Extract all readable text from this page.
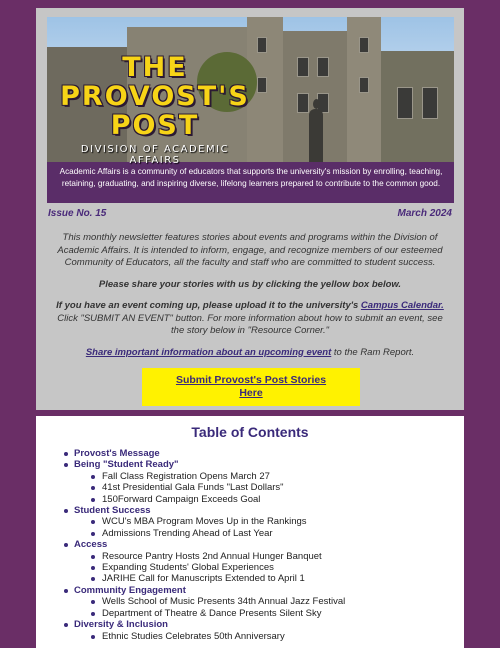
THE
PROVOST'S POST
DIVISION OF ACADEMIC AFFAIRS
Academic Affairs is a community of educators that supports the university's mission by enrolling, teaching, retaining, graduating, and inspiring diverse, lifelong learners prepared to contribute to the common good.
Issue No. 15	March 2024

This monthly newsletter features stories about events and programs within the Division of Academic Affairs. It is intended to inform, engage, and recognize members of our esteemed Community of Educators, all the faculty and staff who are committed to student success.

Please share your stories with us by clicking the yellow box below.

If you have an event coming up, please upload it to the university's Campus Calendar. Click "SUBMIT AN EVENT" button. For more information about how to submit an event, see the story below in "Resource Corner."

Share important information about an upcoming event to the Ram Report.

Submit Provost's Post Stories
Here
Table of Contents
Provost's Message
Being "Student Ready"
Fall Class Registration Opens March 27
41st Presidential Gala Funds "Last Dollars"
150Forward Campaign Exceeds Goal
Student Success
WCU's MBA Program Moves Up in the Rankings
Admissions Trending Ahead of Last Year
Access
Resource Pantry Hosts 2nd Annual Hunger Banquet
Expanding Students' Global Experiences
JARIHE Call for Manuscripts Extended to April 1
Community Engagement
Wells School of Music Presents 34th Annual Jazz Festival
Department of Theatre & Dance Presents Silent Sky
Diversity & Inclusion
Ethnic Studies Celebrates 50th Anniversary
